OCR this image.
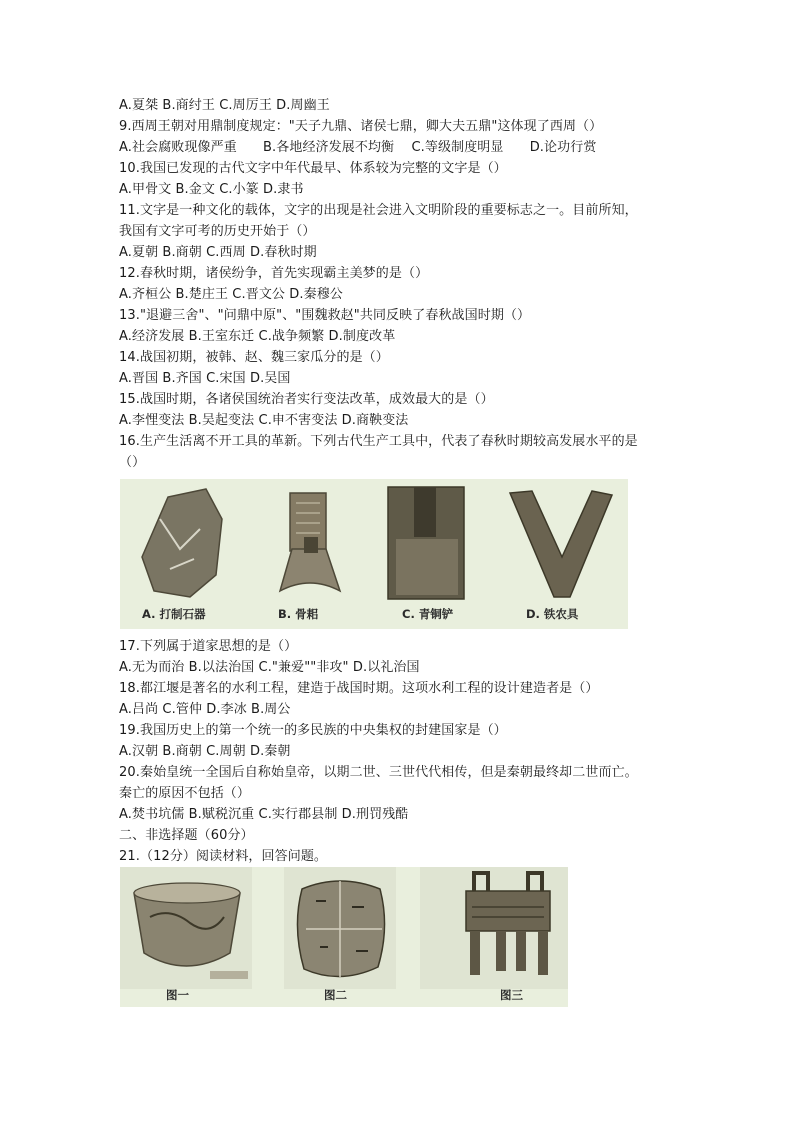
A.夏桀 B.商纣王 C.周厉王 D.周幽王
9.西周王朝对用鼎制度规定："天子九鼎、诸侯七鼎，卿大夫五鼎"这体现了西周（）
A.社会腐败现像严重　　B.各地经济发展不均衡　 C.等级制度明显　　D.论功行赏
10.我国已发现的古代文字中年代最早、体系较为完整的文字是（）
A.甲骨文 B.金文 C.小篆 D.隶书
11.文字是一种文化的载体，文字的出现是社会进入文明阶段的重要标志之一。目前所知，
我国有文字可考的历史开始于（）
A.夏朝 B.商朝 C.西周 D.春秋时期
12.春秋时期，诸侯纷争，首先实现霸主美梦的是（）
A.齐桓公 B.楚庄王 C.晋文公 D.秦穆公
13."退避三舍"、"问鼎中原"、"围魏救赵"共同反映了春秋战国时期（）
A.经济发展 B.王室东迁 C.战争频繁 D.制度改革
14.战国初期，被韩、赵、魏三家瓜分的是（）
A.晋国 B.齐国 C.宋国 D.吴国
15.战国时期，各诸侯国统治者实行变法改革，成效最大的是（）
A.李悝变法 B.吴起变法 C.申不害变法 D.商鞅变法
16.生产生活离不开工具的革新。下列古代生产工具中，代表了春秋时期较高发展水平的是
（）
A. 打制石器	B. 骨耜	C. 青铜铲	D. 铁农具
17.下列属于道家思想的是（）
A.无为而治 B.以法治国 C."兼爱""非攻" D.以礼治国
18.都江堰是著名的水利工程，建造于战国时期。这项水利工程的设计建造者是（）
A.吕尚 C.管仲 D.李冰 B.周公
19.我国历史上的第一个统一的多民族的中央集权的封建国家是（）
A.汉朝 B.商朝 C.周朝 D.秦朝
20.秦始皇统一全国后自称始皇帝，以期二世、三世代代相传，但是秦朝最终却二世而亡。
秦亡的原因不包括（）
A.焚书坑儒 B.赋税沉重 C.实行郡县制 D.刑罚残酷
二、非选择题（60分）
21.（12分）阅读材料，回答问题。
图一	图二	图三
